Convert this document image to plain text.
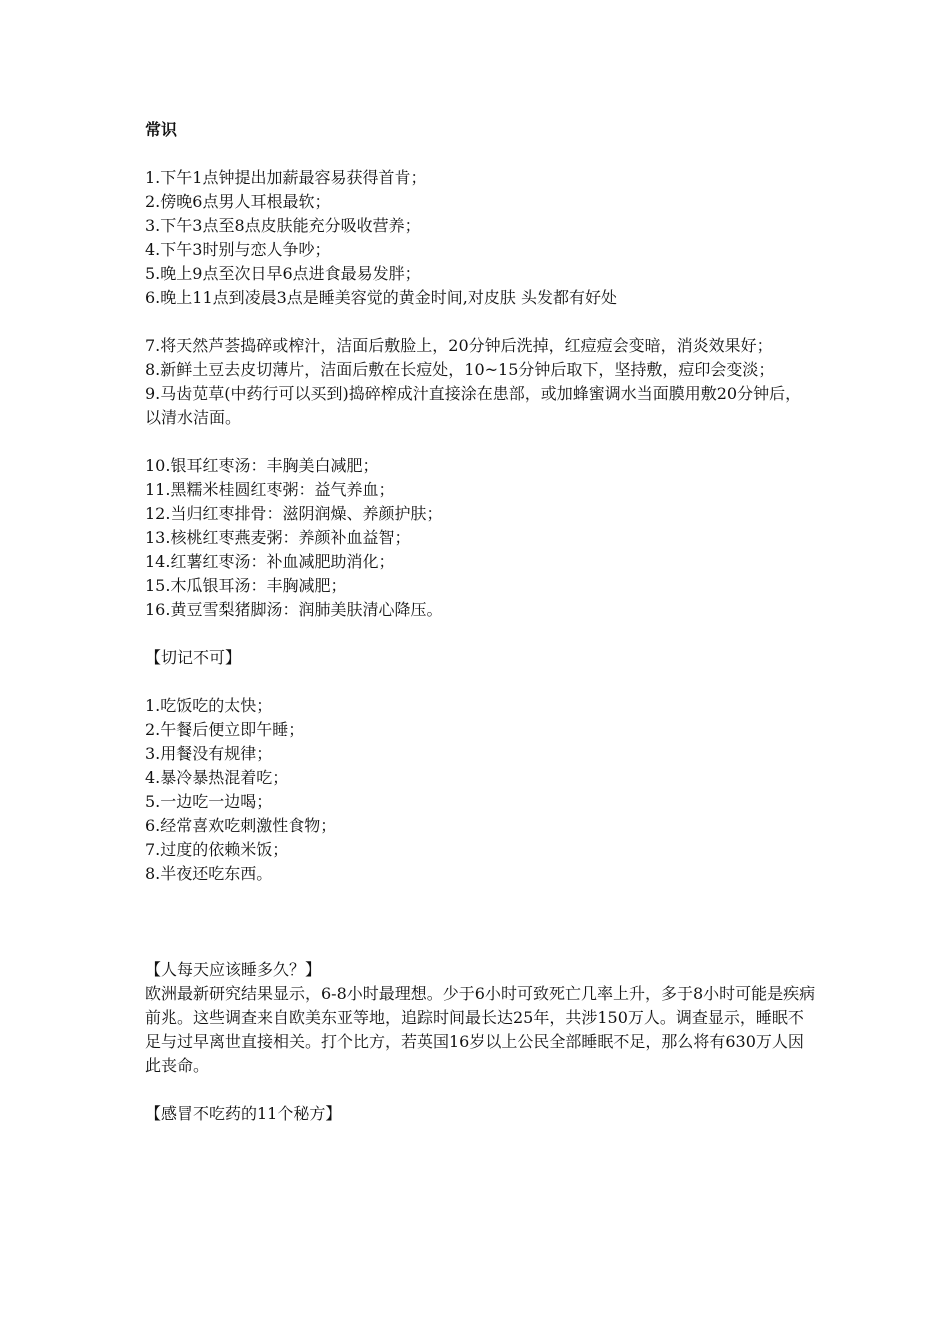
常识
1.下午1点钟提出加薪最容易获得首肯；
2.傍晚6点男人耳根最软；
3.下午3点至8点皮肤能充分吸收营养；
4.下午3时别与恋人争吵；
5.晚上9点至次日早6点进食最易发胖；
6.晚上11点到凌晨3点是睡美容觉的黄金时间,对皮肤 头发都有好处
7.将天然芦荟捣碎或榨汁，洁面后敷脸上，20分钟后洗掉，红痘痘会变暗，消炎效果好；
8.新鲜土豆去皮切薄片，洁面后敷在长痘处，10~15分钟后取下，坚持敷，痘印会变淡；
9.马齿苋草(中药行可以买到)捣碎榨成汁直接涂在患部，或加蜂蜜调水当面膜用敷20分钟后，以清水洁面。
10.银耳红枣汤：丰胸美白减肥；
11.黑糯米桂圆红枣粥：益气养血；
12.当归红枣排骨：滋阴润燥、养颜护肤；
13.核桃红枣燕麦粥：养颜补血益智；
14.红薯红枣汤：补血减肥助消化；
15.木瓜银耳汤：丰胸减肥；
16.黄豆雪梨猪脚汤：润肺美肤清心降压。
【切记不可】
1.吃饭吃的太快；
2.午餐后便立即午睡；
3.用餐没有规律；
4.暴冷暴热混着吃；
5.一边吃一边喝；
6.经常喜欢吃刺激性食物；
7.过度的依赖米饭；
8.半夜还吃东西。
【人每天应该睡多久？】
欧洲最新研究结果显示，6-8小时最理想。少于6小时可致死亡几率上升，多于8小时可能是疾病前兆。这些调查来自欧美东亚等地，追踪时间最长达25年，共涉150万人。调查显示，睡眠不足与过早离世直接相关。打个比方，若英国16岁以上公民全部睡眠不足，那么将有630万人因此丧命。
【感冒不吃药的11个秘方】
